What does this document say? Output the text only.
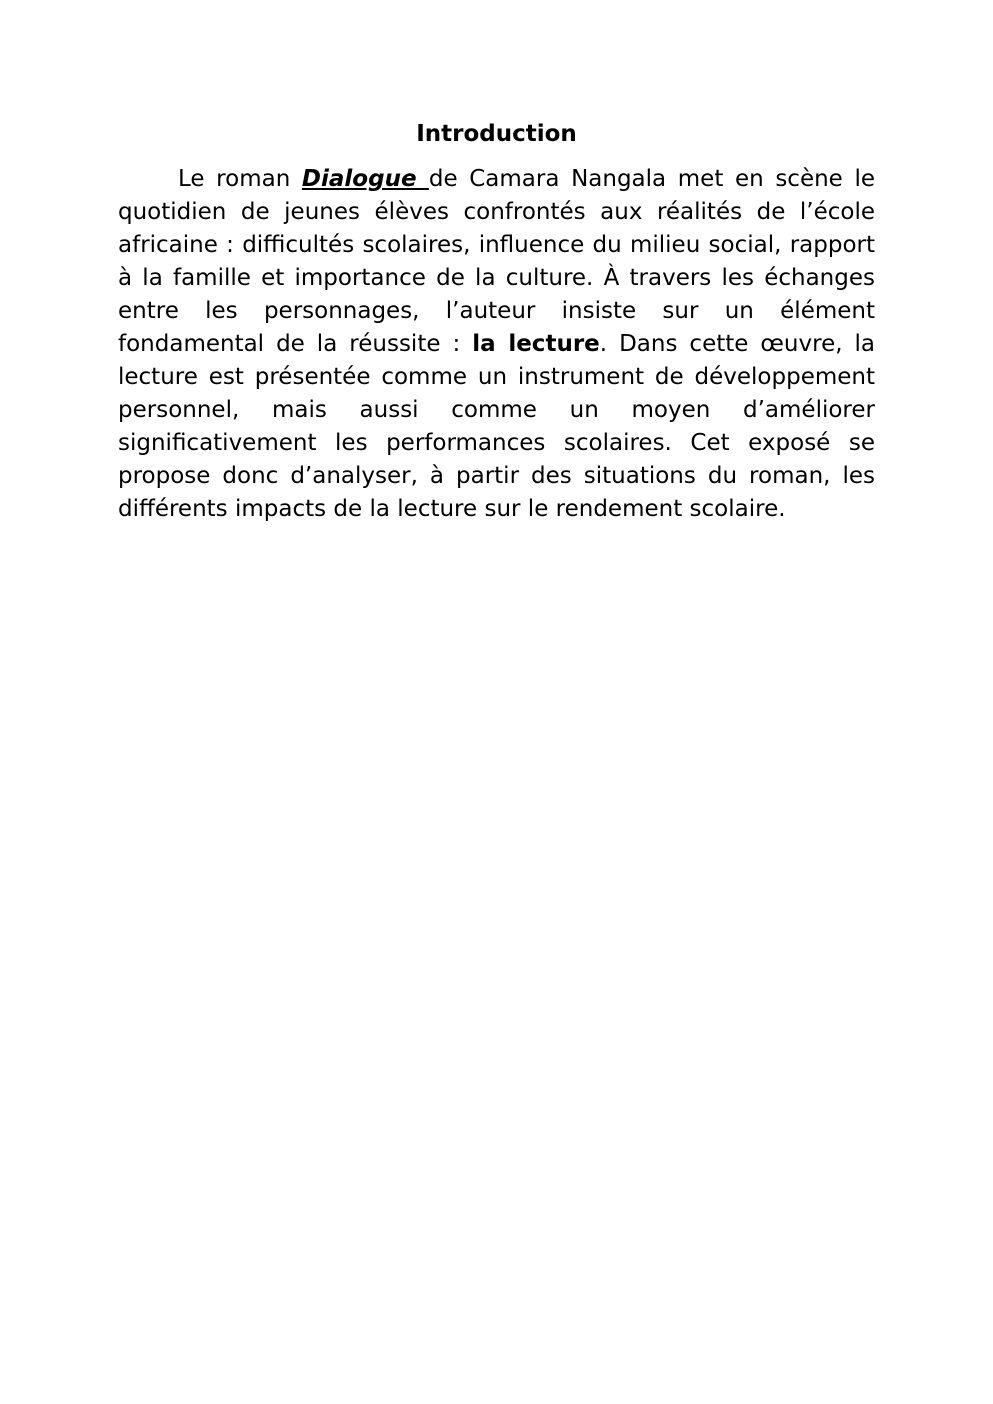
Introduction

Le roman Dialogue de Camara Nangala met en scène le quotidien de jeunes élèves confrontés aux réalités de l’école africaine : difficultés scolaires, influence du milieu social, rapport à la famille et importance de la culture. À travers les échanges entre les personnages, l’auteur insiste sur un élément fondamental de la réussite : la lecture. Dans cette œuvre, la lecture est présentée comme un instrument de développement personnel, mais aussi comme un moyen d’améliorer significativement les performances scolaires. Cet exposé se propose donc d’analyser, à partir des situations du roman, les différents impacts de la lecture sur le rendement scolaire.
